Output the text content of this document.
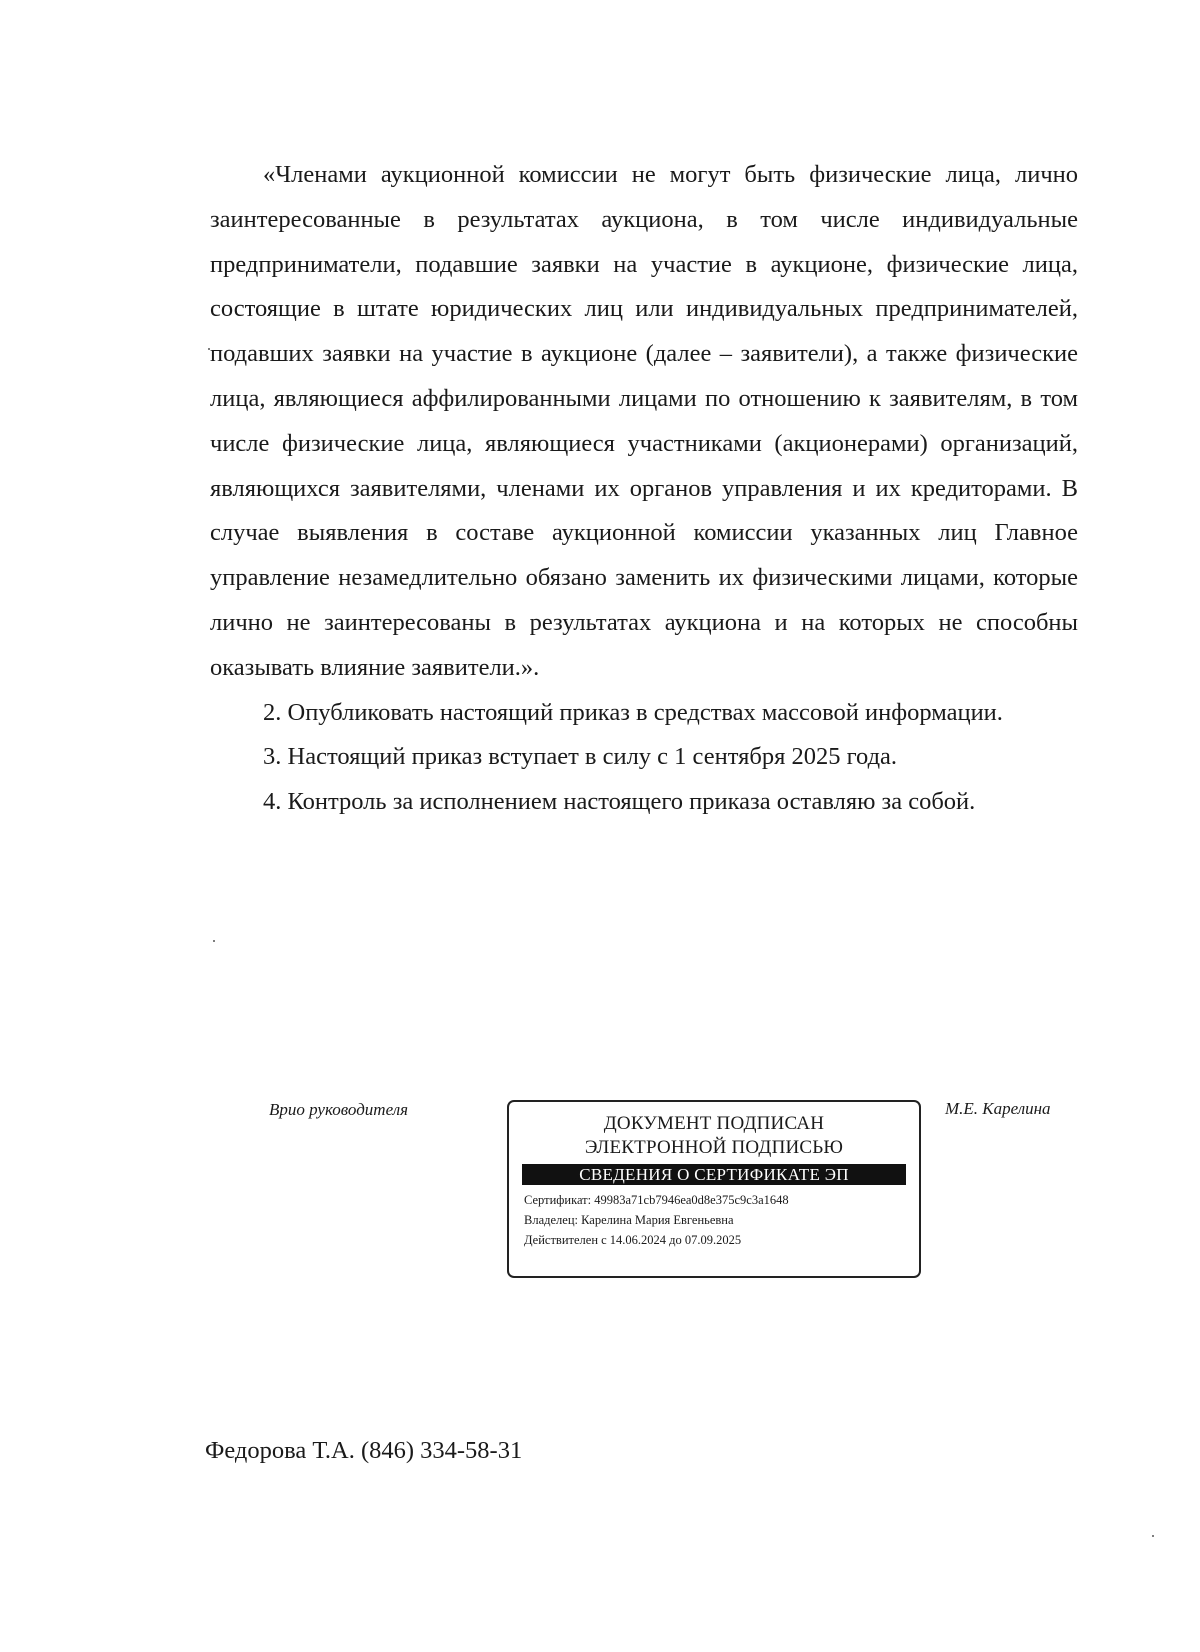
«Членами аукционной комиссии не могут быть физические лица, лично заинтересованные в результатах аукциона, в том числе индивидуальные предприниматели, подавшие заявки на участие в аукционе, физические лица, состоящие в штате юридических лиц или индивидуальных предпринимателей, подавших заявки на участие в аукционе (далее – заявители), а также физические лица, являющиеся аффилированными лицами по отношению к заявителям, в том числе физические лица, являющиеся участниками (акционерами) организаций, являющихся заявителями, членами их органов управления и их кредиторами. В случае выявления в составе аукционной комиссии указанных лиц Главное управление незамедлительно обязано заменить их физическими лицами, которые лично не заинтересованы в результатах аукциона и на которых не способны оказывать влияние заявители.».

2. Опубликовать настоящий приказ в средствах массовой информации.

3. Настоящий приказ вступает в силу с 1 сентября 2025 года.

4. Контроль за исполнением настоящего приказа оставляю за собой.

Врио руководителя
ДОКУМЕНТ ПОДПИСАН
ЭЛЕКТРОННОЙ ПОДПИСЬЮ
СВЕДЕНИЯ О СЕРТИФИКАТЕ ЭП
Сертификат: 49983a71cb7946ea0d8e375c9c3a1648
Владелец: Карелина Мария Евгеньевна
Действителен с 14.06.2024 до 07.09.2025
М.Е. Карелина
Федорова Т.А. (846) 334-58-31
